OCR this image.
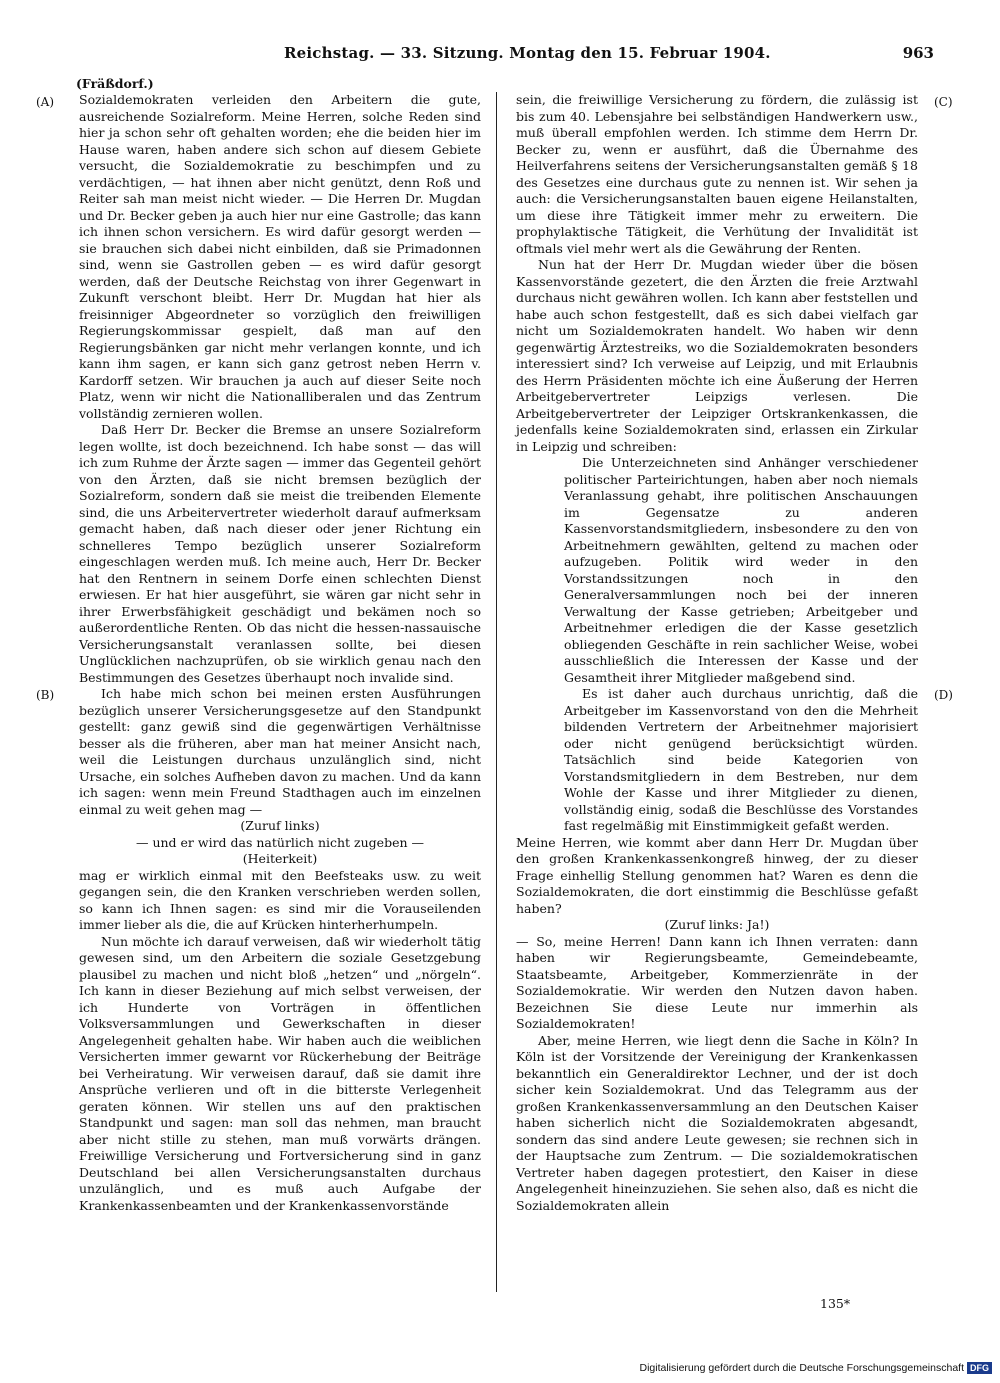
Reichstag. — 33. Sitzung. Montag den 15. Februar 1904.	963
(Fräßdorf.)
(A)
(B)
(C)
(D)

Sozialdemokraten verleiden den Arbeitern die gute, ausreichende Sozialreform. Meine Herren, solche Reden sind hier ja schon sehr oft gehalten worden; ehe die beiden hier im Hause waren, haben andere sich schon auf diesem Gebiete versucht, die Sozialdemokratie zu beschimpfen und zu verdächtigen, — hat ihnen aber nicht genützt, denn Roß und Reiter sah man meist nicht wieder. — Die Herren Dr. Mugdan und Dr. Becker geben ja auch hier nur eine Gastrolle; das kann ich ihnen schon versichern. Es wird dafür gesorgt werden — sie brauchen sich dabei nicht einbilden, daß sie Primadonnen sind, wenn sie Gastrollen geben — es wird dafür gesorgt werden, daß der Deutsche Reichstag von ihrer Gegenwart in Zukunft verschont bleibt. Herr Dr. Mugdan hat hier als freisinniger Abgeordneter so vorzüglich den freiwilligen Regierungskommissar gespielt, daß man auf den Regierungsbänken gar nicht mehr verlangen konnte, und ich kann ihm sagen, er kann sich ganz getrost neben Herrn v. Kardorff setzen. Wir brauchen ja auch auf dieser Seite noch Platz, wenn wir nicht die Nationalliberalen und das Zentrum vollständig zernieren wollen.

Daß Herr Dr. Becker die Bremse an unsere Sozialreform legen wollte, ist doch bezeichnend. Ich habe sonst — das will ich zum Ruhme der Ärzte sagen — immer das Gegenteil gehört von den Ärzten, daß sie nicht bremsen bezüglich der Sozialreform, sondern daß sie meist die treibenden Elemente sind, die uns Arbeitervertreter wiederholt darauf aufmerksam gemacht haben, daß nach dieser oder jener Richtung ein schnelleres Tempo bezüglich unserer Sozialreform eingeschlagen werden muß. Ich meine auch, Herr Dr. Becker hat den Rentnern in seinem Dorfe einen schlechten Dienst erwiesen. Er hat hier ausgeführt, sie wären gar nicht sehr in ihrer Erwerbsfähigkeit geschädigt und bekämen noch so außerordentliche Renten. Ob das nicht die hessen-nassauische Versicherungsanstalt veranlassen sollte, bei diesen Unglücklichen nachzuprüfen, ob sie wirklich genau nach den Bestimmungen des Gesetzes überhaupt noch invalide sind.

Ich habe mich schon bei meinen ersten Ausführungen bezüglich unserer Versicherungsgesetze auf den Standpunkt gestellt: ganz gewiß sind die gegenwärtigen Verhältnisse besser als die früheren, aber man hat meiner Ansicht nach, weil die Leistungen durchaus unzulänglich sind, nicht Ursache, ein solches Aufheben davon zu machen. Und da kann ich sagen: wenn mein Freund Stadthagen auch im einzelnen einmal zu weit gehen mag —

(Zuruf links)

— und er wird das natürlich nicht zugeben —

(Heiterkeit)

mag er wirklich einmal mit den Beefsteaks usw. zu weit gegangen sein, die den Kranken verschrieben werden sollen, so kann ich Ihnen sagen: es sind mir die Vorauseilenden immer lieber als die, die auf Krücken hinterherhumpeln.

Nun möchte ich darauf verweisen, daß wir wiederholt tätig gewesen sind, um den Arbeitern die soziale Gesetzgebung plausibel zu machen und nicht bloß „hetzen“ und „nörgeln“. Ich kann in dieser Beziehung auf mich selbst verweisen, der ich Hunderte von Vorträgen in öffentlichen Volksversammlungen und Gewerkschaften in dieser Angelegenheit gehalten habe. Wir haben auch die weiblichen Versicherten immer gewarnt vor Rückerhebung der Beiträge bei Verheiratung. Wir verweisen darauf, daß sie damit ihre Ansprüche verlieren und oft in die bitterste Verlegenheit geraten können. Wir stellen uns auf den praktischen Standpunkt und sagen: man soll das nehmen, man braucht aber nicht stille zu stehen, man muß vorwärts drängen. Freiwillige Versicherung und Fortversicherung sind in ganz Deutschland bei allen Versicherungsanstalten durchaus unzulänglich, und es muß auch Aufgabe der Krankenkassenbeamten und der Krankenkassenvorstände

sein, die freiwillige Versicherung zu fördern, die zulässig ist bis zum 40. Lebensjahre bei selbständigen Handwerkern usw., muß überall empfohlen werden. Ich stimme dem Herrn Dr. Becker zu, wenn er ausführt, daß die Übernahme des Heilverfahrens seitens der Versicherungsanstalten gemäß § 18 des Gesetzes eine durchaus gute zu nennen ist. Wir sehen ja auch: die Versicherungsanstalten bauen eigene Heilanstalten, um diese ihre Tätigkeit immer mehr zu erweitern. Die prophylaktische Tätigkeit, die Verhütung der Invalidität ist oftmals viel mehr wert als die Gewährung der Renten.

Nun hat der Herr Dr. Mugdan wieder über die bösen Kassenvorstände gezetert, die den Ärzten die freie Arztwahl durchaus nicht gewähren wollen. Ich kann aber feststellen und habe auch schon festgestellt, daß es sich dabei vielfach gar nicht um Sozialdemokraten handelt. Wo haben wir denn gegenwärtig Ärztestreiks, wo die Sozialdemokraten besonders interessiert sind? Ich verweise auf Leipzig, und mit Erlaubnis des Herrn Präsidenten möchte ich eine Äußerung der Herren Arbeitgebervertreter Leipzigs verlesen. Die Arbeitgebervertreter der Leipziger Ortskrankenkassen, die jedenfalls keine Sozialdemokraten sind, erlassen ein Zirkular in Leipzig und schreiben:

Die Unterzeichneten sind Anhänger verschiedener politischer Parteirichtungen, haben aber noch niemals Veranlassung gehabt, ihre politischen Anschauungen im Gegensatze zu anderen Kassenvorstandsmitgliedern, insbesondere zu den von Arbeitnehmern gewählten, geltend zu machen oder aufzugeben. Politik wird weder in den Vorstandssitzungen noch in den Generalversammlungen noch bei der inneren Verwaltung der Kasse getrieben; Arbeitgeber und Arbeitnehmer erledigen die der Kasse gesetzlich obliegenden Geschäfte in rein sachlicher Weise, wobei ausschließlich die Interessen der Kasse und der Gesamtheit ihrer Mitglieder maßgebend sind.

Es ist daher auch durchaus unrichtig, daß die Arbeitgeber im Kassenvorstand von den die Mehrheit bildenden Vertretern der Arbeitnehmer majorisiert oder nicht genügend berücksichtigt würden. Tatsächlich sind beide Kategorien von Vorstandsmitgliedern in dem Bestreben, nur dem Wohle der Kasse und ihrer Mitglieder zu dienen, vollständig einig, sodaß die Beschlüsse des Vorstandes fast regelmäßig mit Einstimmigkeit gefaßt werden.

Meine Herren, wie kommt aber dann Herr Dr. Mugdan über den großen Krankenkassenkongreß hinweg, der zu dieser Frage einhellig Stellung genommen hat? Waren es denn die Sozialdemokraten, die dort einstimmig die Beschlüsse gefaßt haben?

(Zuruf links: Ja!)

— So, meine Herren! Dann kann ich Ihnen verraten: dann haben wir Regierungsbeamte, Gemeindebeamte, Staatsbeamte, Arbeitgeber, Kommerzienräte in der Sozialdemokratie. Wir werden den Nutzen davon haben. Bezeichnen Sie diese Leute nur immerhin als Sozialdemokraten!

Aber, meine Herren, wie liegt denn die Sache in Köln? In Köln ist der Vorsitzende der Vereinigung der Krankenkassen bekanntlich ein Generaldirektor Lechner, und der ist doch sicher kein Sozialdemokrat. Und das Telegramm aus der großen Krankenkassenversammlung an den Deutschen Kaiser haben sicherlich nicht die Sozialdemokraten abgesandt, sondern das sind andere Leute gewesen; sie rechnen sich in der Hauptsache zum Zentrum. — Die sozialdemokratischen Vertreter haben dagegen protestiert, den Kaiser in diese Angelegenheit hineinzuziehen. Sie sehen also, daß es nicht die Sozialdemokraten allein

135*
Digitalisierung gefördert durch die Deutsche Forschungsgemeinschaft DFG
